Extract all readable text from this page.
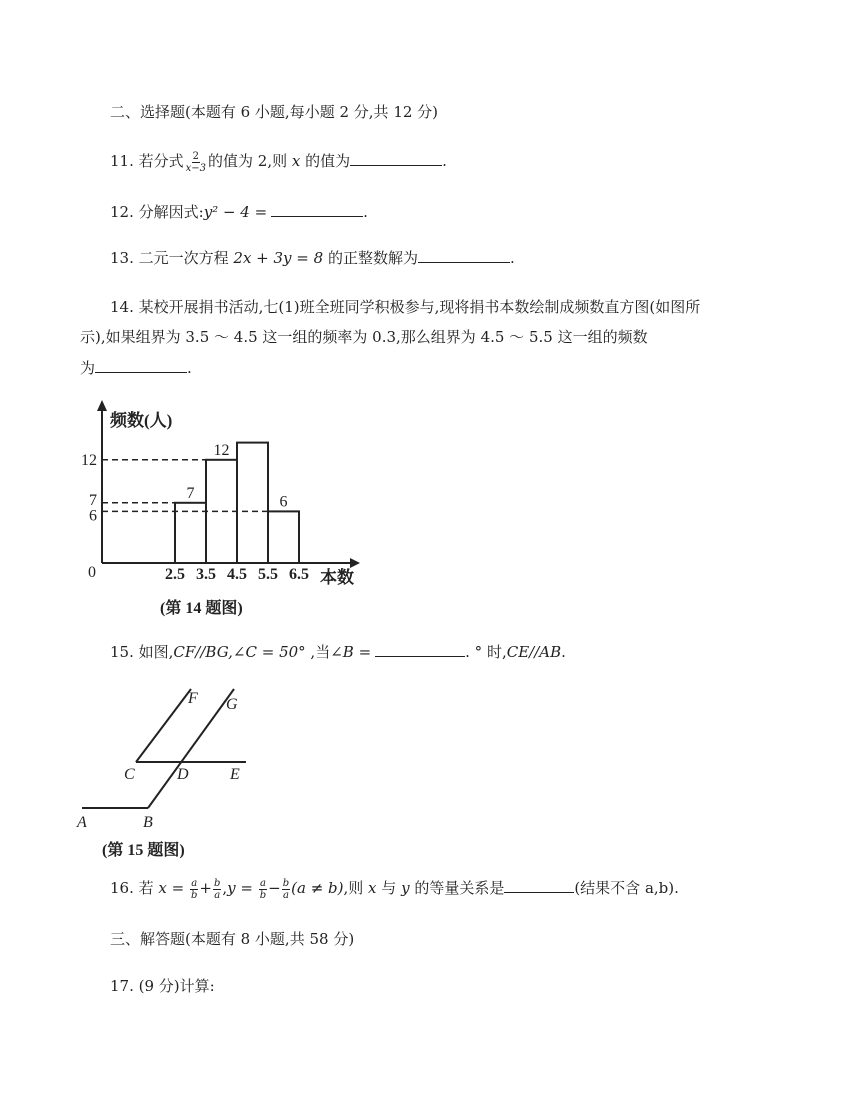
二、选择题(本题有 6 小题,每小题 2 分,共 12 分)
11. 若分式 $\frac{2}{x-3}$ 的值为 2,则 x 的值为	.
12. 分解因式:y² − 4 =	.
13. 二元一次方程 2x + 3y = 8 的正整数解为	.
14. 某校开展捐书活动,七(1)班全班同学积极参与,现将捐书本数绘制成频数直方图(如图所
示),如果组界为 3.5 ～ 4.5 这一组的频率为 0.3,那么组界为 4.5 ～ 5.5 这一组的频数
为	.
7
12
6
12
7
6
频数(人)
本数
0
(第 14 题图)
2.5 3.5 4.5 5.5 6.5
15. 如图,CF//BG,∠C = 50° ,当∠B =	. ° 时,CE//AB.
F G
C	D	E
A	B
(第 15 题图)
16. 若 $x = \frac{a}{b} + \frac{b}{a} ,y = \frac{a}{b} - \frac{b}{a} (a \ne b)$,则 x 与 y 的等量关系是	(结果不含 a,b).
三、解答题(本题有 8 小题,共 58 分)
17. (9 分)计算:
